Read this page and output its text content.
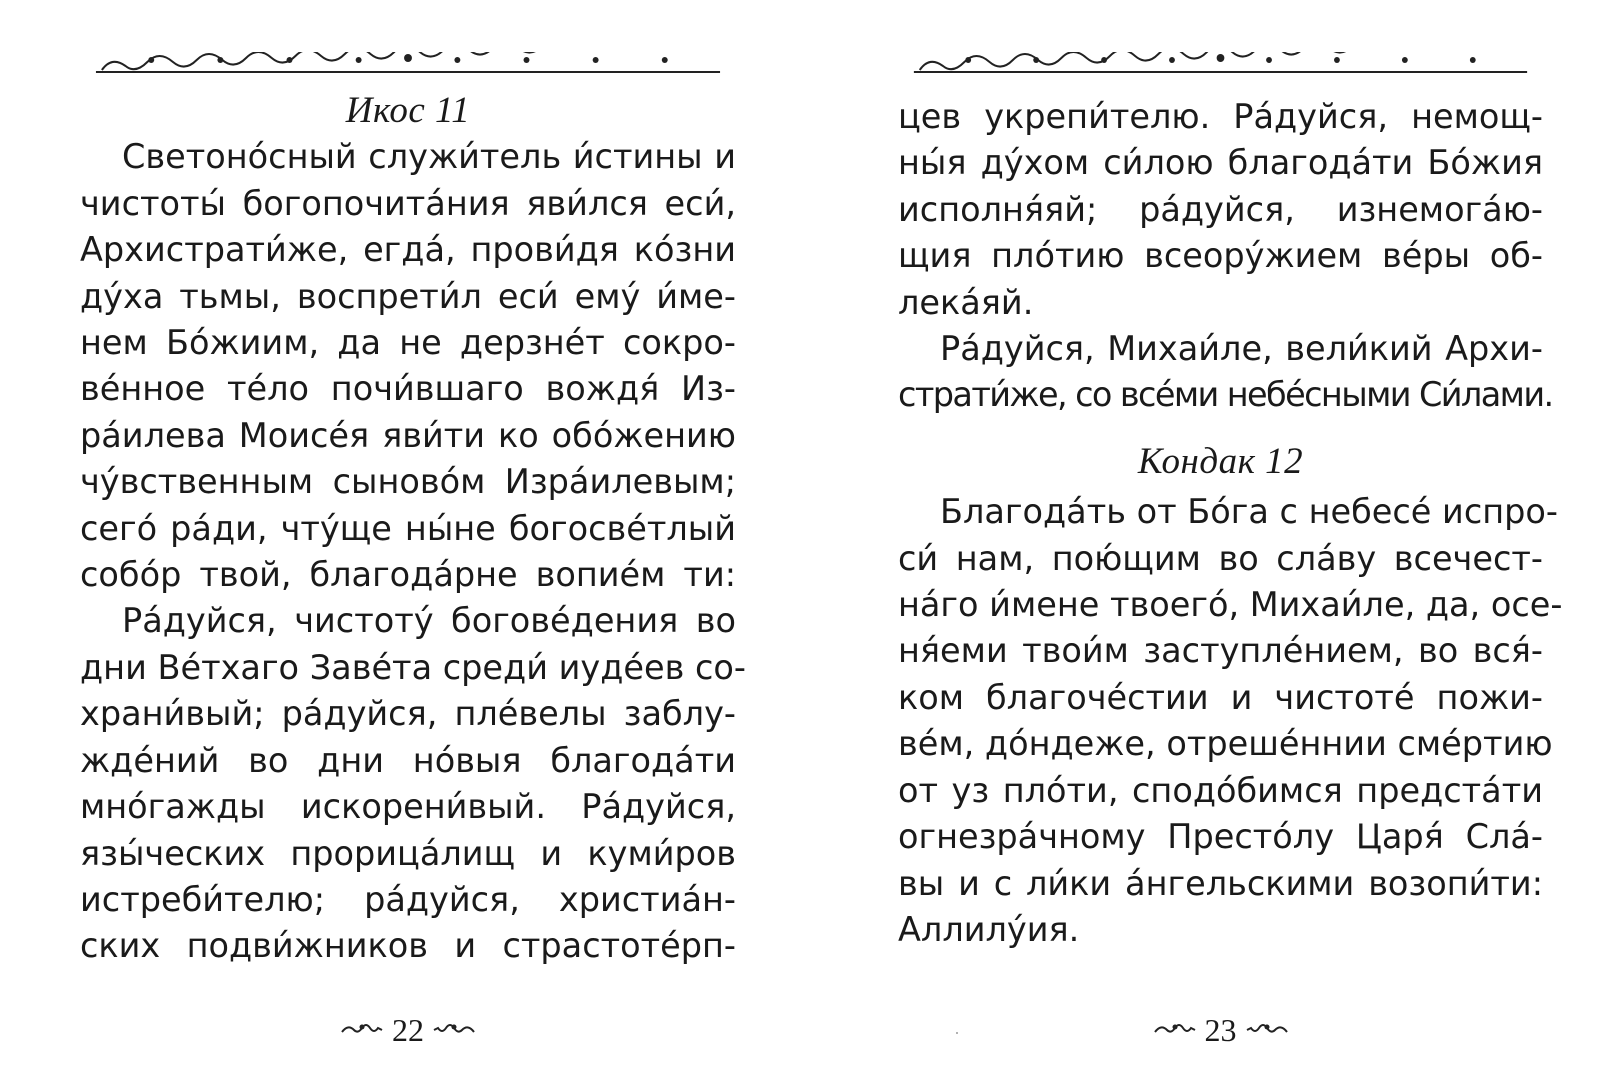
Икос 11
Светоно́сный служи́тель и́стины и
чистоты́ богопочита́ния яви́лся еси́,
Архистрати́же, егда́, прови́дя ко́зни
ду́ха тьмы, воспрети́л еси́ ему́ и́ме-
нем Бо́жиим, да не дерзне́т сокро-
ве́нное те́ло почи́вшаго вождя́ Из-
ра́илева Моисе́я яви́ти ко обо́жению
чу́вственным сыново́м Изра́илевым;
сего́ ра́ди, чту́ще ны́не богосве́тлый
собо́р твой, благода́рне вопие́м ти:
Ра́дуйся, чистоту́ богове́дения во
дни Ве́тхаго Заве́та среди́ иуде́ев со-
храни́вый; ра́дуйся, пле́велы заблу-
жде́ний во дни но́выя благода́ти
мно́гажды искорени́вый. Ра́дуйся,
язы́ческих прорица́лищ и куми́ров
истреби́телю; ра́дуйся, христиа́н-
ских подви́жников и страстоте́рп-
22
цев укрепи́телю. Ра́дуйся, немощ-
ны́я ду́хом си́лою благода́ти Бо́жия
исполня́яй; ра́дуйся, изнемога́ю-
щия пло́тию всеору́жием ве́ры об-
лека́яй.
Ра́дуйся, Михаи́ле, вели́кий Архи-
страти́же, со все́ми небе́сными Си́лами.
Кондак 12
Благода́ть от Бо́га с небесе́ испро-
си́ нам, пою́щим во сла́ву всечест-
на́го и́мене твоего́, Михаи́ле, да, осе-
ня́еми твои́м заступле́нием, во вся́-
ком благоче́стии и чистоте́ пожи-
ве́м, до́ндеже, отреше́ннии сме́ртию
от уз пло́ти, сподо́бимся предста́ти
огнезра́чному Престо́лу Царя́ Сла́-
вы и с ли́ки а́нгельскими возопи́ти:
Аллилу́ия.
23
